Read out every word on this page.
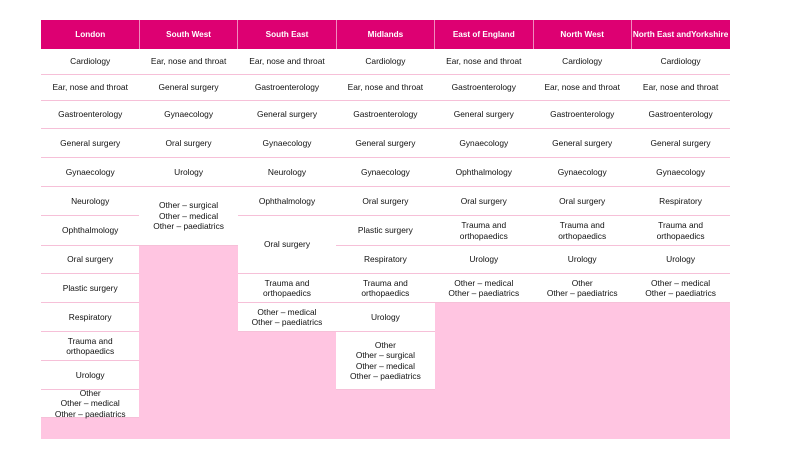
London
Cardiology
Ear, nose and throat
Gastroenterology
General surgery
Gynaecology
Neurology
Ophthalmology
Oral surgery
Plastic surgery
Respiratory
Trauma and
orthopaedics
Urology
Other
Other – medical
Other – paediatrics
South West
Ear, nose and throat
General surgery
Gynaecology
Oral surgery
Urology
Other – surgical
Other – medical
Other – paediatrics
South East
Ear, nose and throat
Gastroenterology
General surgery
Gynaecology
Neurology
Ophthalmology
Oral surgery
Trauma and
orthopaedics
Other – medical
Other – paediatrics
Midlands
Cardiology
Ear, nose and throat
Gastroenterology
General surgery
Gynaecology
Oral surgery
Plastic surgery
Respiratory
Trauma and
orthopaedics
Urology
Other
Other – surgical
Other – medical
Other – paediatrics
East of England
Ear, nose and throat
Gastroenterology
General surgery
Gynaecology
Ophthalmology
Oral surgery
Trauma and
orthopaedics
Urology
Other – medical
Other – paediatrics
North West
Cardiology
Ear, nose and throat
Gastroenterology
General surgery
Gynaecology
Oral surgery
Trauma and
orthopaedics
Urology
Other
Other – paediatrics
North East and Yorkshire
Cardiology
Ear, nose and throat
Gastroenterology
General surgery
Gynaecology
Respiratory
Trauma and
orthopaedics
Urology
Other – medical
Other – paediatrics
